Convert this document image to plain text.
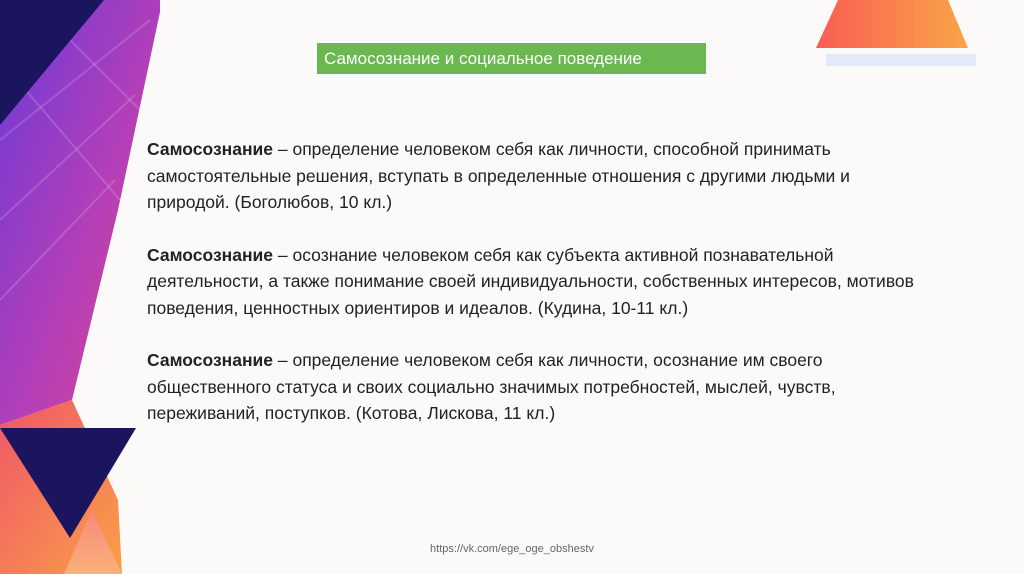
Самосознание и социальное поведение

Самосознание – определение человеком себя как личности, способной принимать самостоятельные решения, вступать в определенные отношения с другими людьми и природой. (Боголюбов, 10 кл.)

Самосознание – осознание человеком себя как субъекта активной познавательной деятельности, а также понимание своей индивидуальности, собственных интересов, мотивов поведения, ценностных ориентиров и идеалов. (Кудина, 10-11 кл.)

Самосознание – определение человеком себя как личности, осознание им своего общественного статуса и своих социально значимых потребностей, мыслей, чувств, переживаний, поступков. (Котова, Лискова, 11 кл.)

https://vk.com/ege_oge_obshestv
